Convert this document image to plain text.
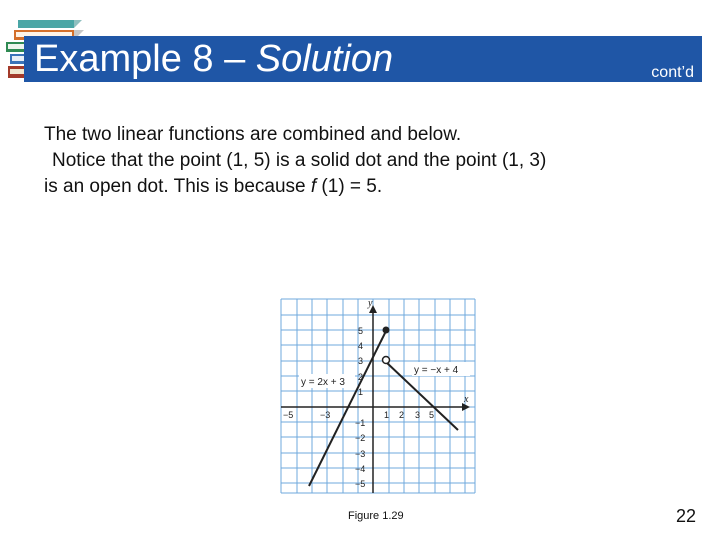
Example 8 – Solution	cont’d

The two linear functions are combined and below.

Notice that the point (1, 5) is a solid dot and the point (1, 3)

is an open dot. This is because f (1) = 5.

x
y
−5	−3	1 2 3 5
5
4
3
2
1
−1
−2
−3
−4
−5
y = 2x + 3
y = −x + 4
Figure 1.29	22
